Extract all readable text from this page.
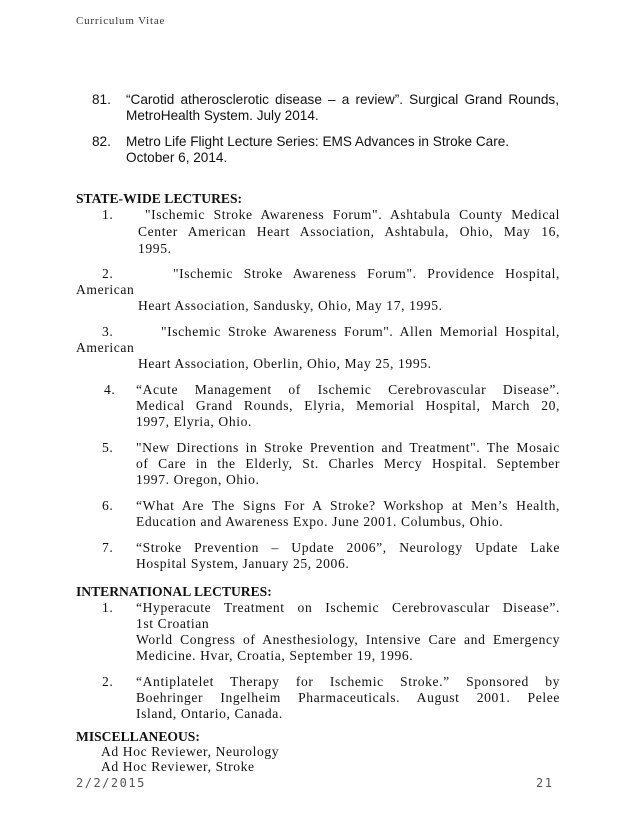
Curriculum Vitae
81. “Carotid atherosclerotic disease – a review”. Surgical Grand Rounds,
MetroHealth System. July 2014.
82. Metro Life Flight Lecture Series: EMS Advances in Stroke Care.
October 6, 2014.
STATE-WIDE LECTURES:
1. "Ischemic Stroke Awareness Forum". Ashtabula County Medical
Center American Heart Association, Ashtabula, Ohio, May 16,
1995.
2.	"Ischemic Stroke Awareness Forum". Providence Hospital,
American
Heart Association, Sandusky, Ohio, May 17, 1995.
3.	"Ischemic Stroke Awareness Forum". Allen Memorial Hospital,
American
Heart Association, Oberlin, Ohio, May 25, 1995.
4. “Acute Management of Ischemic Cerebrovascular Disease”.
Medical Grand Rounds, Elyria, Memorial Hospital, March 20,
1997, Elyria, Ohio.
5. "New Directions in Stroke Prevention and Treatment". The Mosaic
of Care in the Elderly, St. Charles Mercy Hospital. September
1997. Oregon, Ohio.
6. “What Are The Signs For A Stroke? Workshop at Men’s Health,
Education and Awareness Expo. June 2001. Columbus, Ohio.
7. “Stroke Prevention – Update 2006”, Neurology Update Lake
Hospital System, January 25, 2006.
INTERNATIONAL LECTURES:
1. “Hyperacute Treatment on Ischemic Cerebrovascular Disease”.
1st Croatian
World Congress of Anesthesiology, Intensive Care and Emergency
Medicine. Hvar, Croatia, September 19, 1996.
2. “Antiplatelet Therapy for Ischemic Stroke.” Sponsored by
Boehringer Ingelheim Pharmaceuticals. August 2001. Pelee
Island, Ontario, Canada.
MISCELLANEOUS:
Ad Hoc Reviewer, Neurology
Ad Hoc Reviewer, Stroke
2/2/2015	21
